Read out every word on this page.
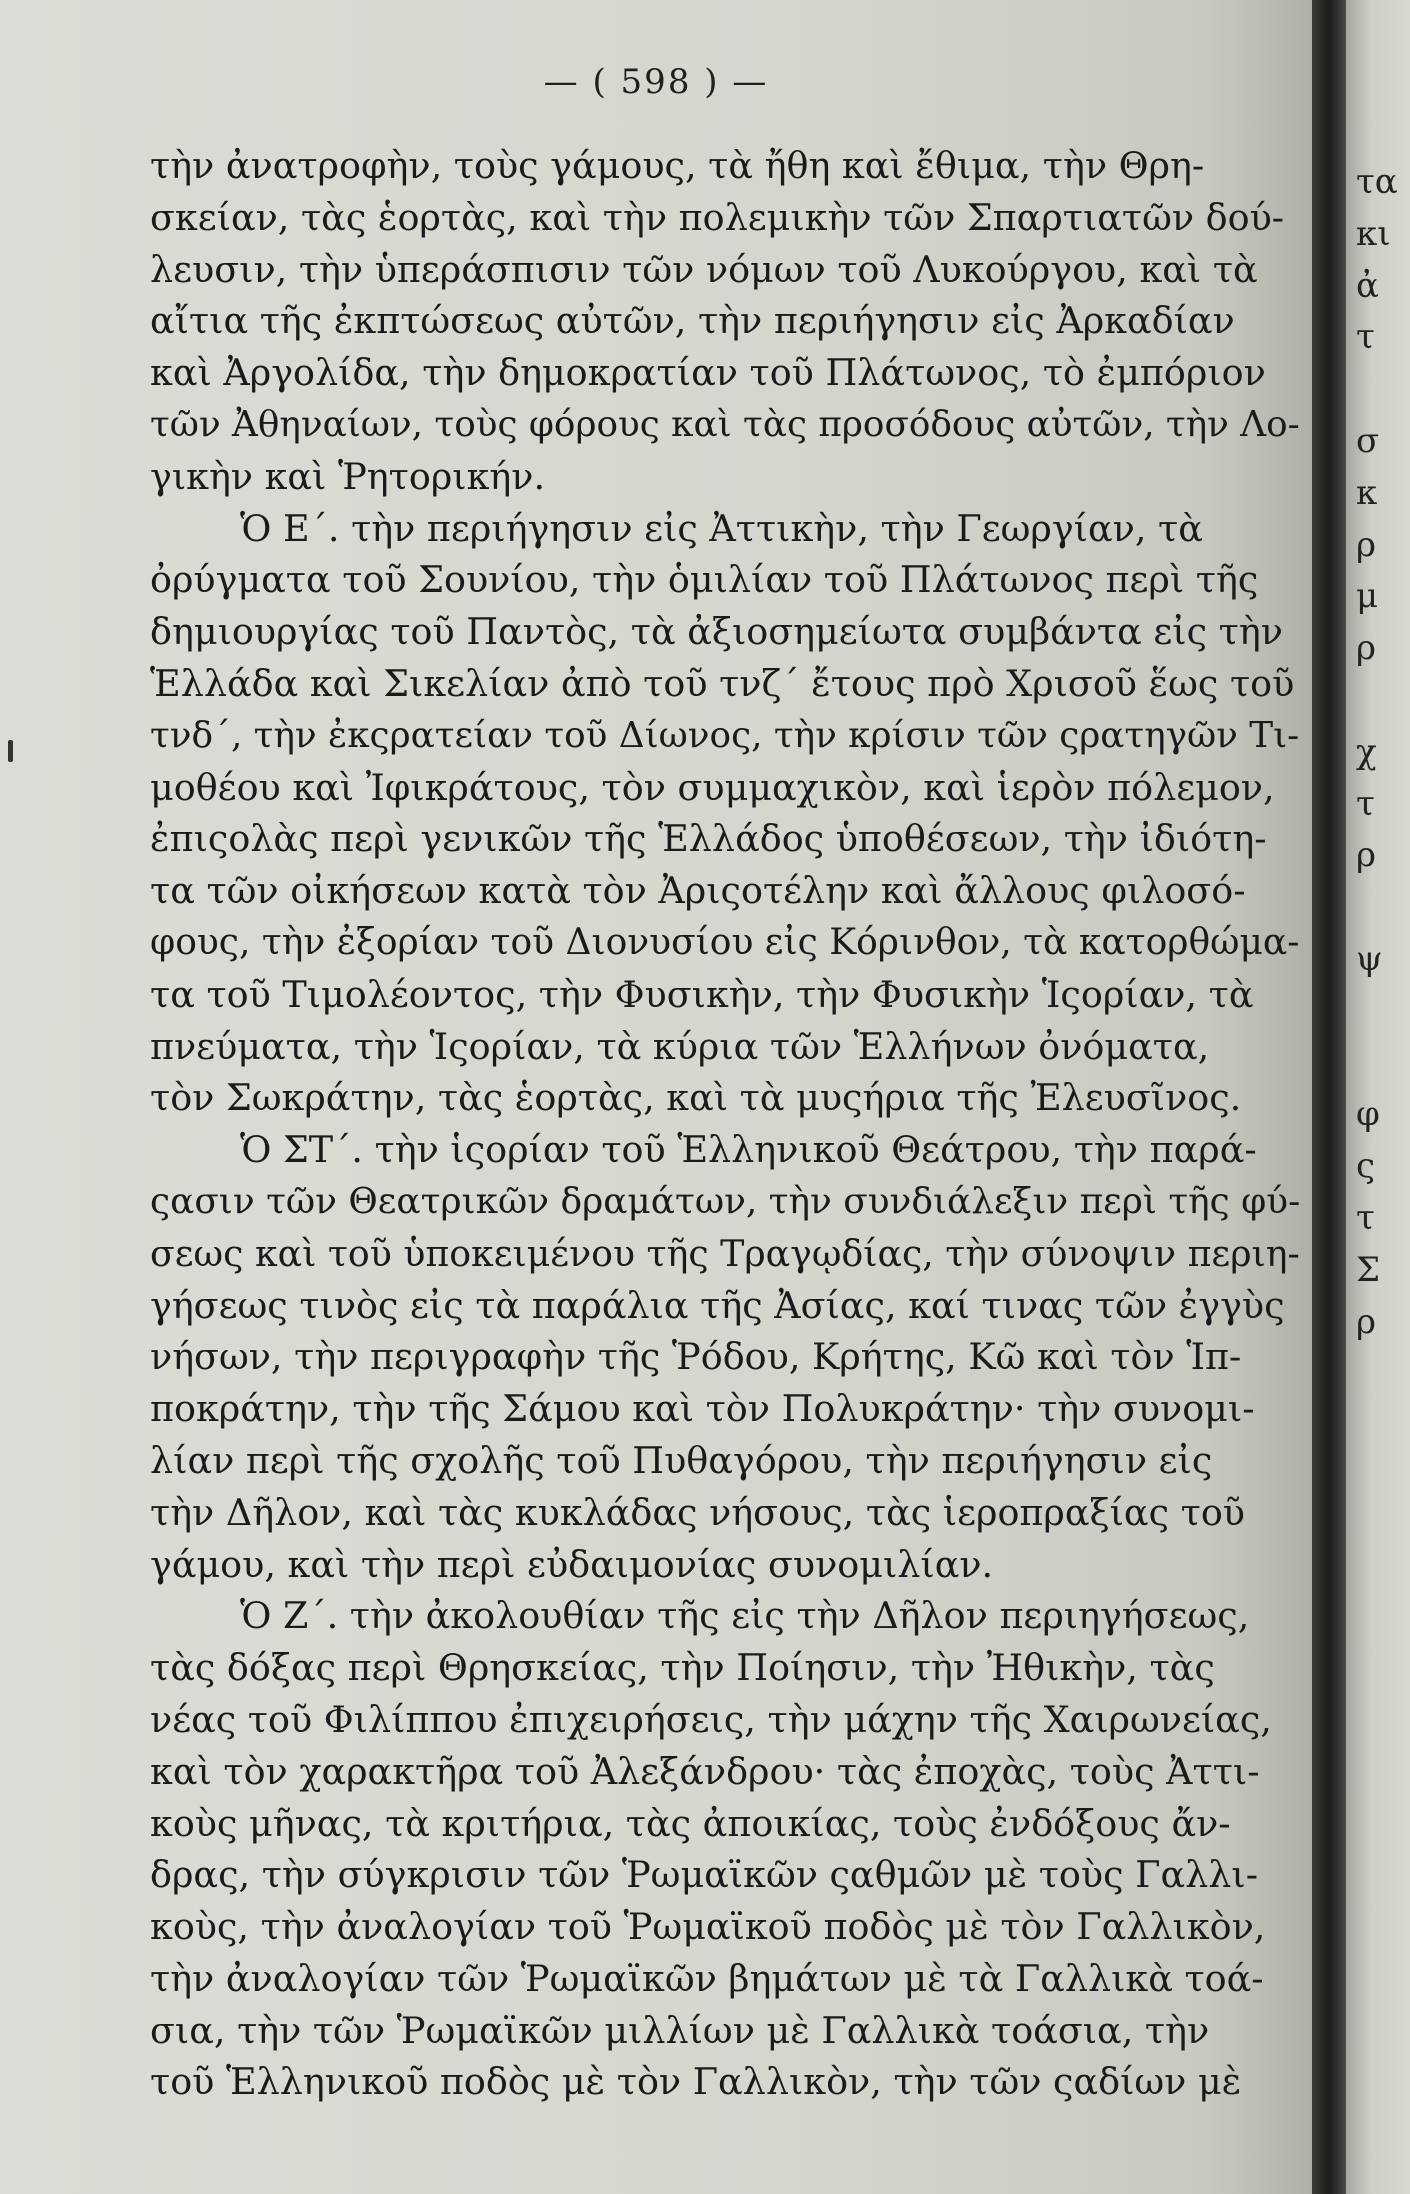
— ( 598 ) —
τὴν ἀνατροφὴν, τοὺς γάμους, τὰ ἤθη καὶ ἔθιμα, τὴν Θρη-
σκείαν, τὰς ἑορτὰς, καὶ τὴν πολεμικὴν τῶν Σπαρτιατῶν δού-
λευσιν, τὴν ὑπεράσπισιν τῶν νόμων τοῦ Λυκούργου, καὶ τὰ
αἴτια τῆς ἐκπτώσεως αὐτῶν, τὴν περιήγησιν εἰς Ἀρκαδίαν
καὶ Ἀργολίδα, τὴν δημοκρατίαν τοῦ Πλάτωνος, τὸ ἐμπόριον
τῶν Ἀθηναίων, τοὺς φόρους καὶ τὰς προσόδους αὐτῶν, τὴν Λο-
γικὴν καὶ Ῥητορικήν.
Ὁ Ε΄. τὴν περιήγησιν εἰς Ἀττικὴν, τὴν Γεωργίαν, τὰ
ὀρύγματα τοῦ Σουνίου, τὴν ὁμιλίαν τοῦ Πλάτωνος περὶ τῆς
δημιουργίας τοῦ Παντὸς, τὰ ἀξιοσημείωτα συμβάντα εἰς τὴν
Ἑλλάδα καὶ Σικελίαν ἀπὸ τοῦ τνζ΄ ἔτους πρὸ Χρισοῦ ἕως τοῦ
τνδ΄, τὴν ἐκςρατείαν τοῦ Δίωνος, τὴν κρίσιν τῶν ςρατηγῶν Τι-
μοθέου καὶ Ἰφικράτους, τὸν συμμαχικὸν, καὶ ἱερὸν πόλεμον,
ἐπιςολὰς περὶ γενικῶν τῆς Ἑλλάδος ὑποθέσεων, τὴν ἰδιότη-
τα τῶν οἰκήσεων κατὰ τὸν Ἀριςοτέλην καὶ ἄλλους φιλοσό-
φους, τὴν ἐξορίαν τοῦ Διονυσίου εἰς Κόρινθον, τὰ κατορθώμα-
τα τοῦ Τιμολέοντος, τὴν Φυσικὴν, τὴν Φυσικὴν Ἱςορίαν, τὰ
πνεύματα, τὴν Ἱςορίαν, τὰ κύρια τῶν Ἑλλήνων ὀνόματα,
τὸν Σωκράτην, τὰς ἑορτὰς, καὶ τὰ μυςήρια τῆς Ἐλευσῖνος.
Ὁ ΣΤ΄. τὴν ἱςορίαν τοῦ Ἑλληνικοῦ Θεάτρου, τὴν παρά-
ςασιν τῶν Θεατρικῶν δραμάτων, τὴν συνδιάλεξιν περὶ τῆς φύ-
σεως καὶ τοῦ ὑποκειμένου τῆς Τραγῳδίας, τὴν σύνοψιν περιη-
γήσεως τινὸς εἰς τὰ παράλια τῆς Ἀσίας, καί τινας τῶν ἐγγὺς
νήσων, τὴν περιγραφὴν τῆς Ῥόδου, Κρήτης, Κῶ καὶ τὸν Ἱπ-
ποκράτην, τὴν τῆς Σάμου καὶ τὸν Πολυκράτην· τὴν συνομι-
λίαν περὶ τῆς σχολῆς τοῦ Πυθαγόρου, τὴν περιήγησιν εἰς
τὴν Δῆλον, καὶ τὰς κυκλάδας νήσους, τὰς ἱεροπραξίας τοῦ
γάμου, καὶ τὴν περὶ εὐδαιμονίας συνομιλίαν.
Ὁ Ζ΄. τὴν ἀκολουθίαν τῆς εἰς τὴν Δῆλον περιηγήσεως,
τὰς δόξας περὶ Θρησκείας, τὴν Ποίησιν, τὴν Ἠθικὴν, τὰς
νέας τοῦ Φιλίππου ἐπιχειρήσεις, τὴν μάχην τῆς Χαιρωνείας,
καὶ τὸν χαρακτῆρα τοῦ Ἀλεξάνδρου· τὰς ἐποχὰς, τοὺς Ἀττι-
κοὺς μῆνας, τὰ κριτήρια, τὰς ἀποικίας, τοὺς ἐνδόξους ἄν-
δρας, τὴν σύγκρισιν τῶν Ῥωμαϊκῶν ςαθμῶν μὲ τοὺς Γαλλι-
κοὺς, τὴν ἀναλογίαν τοῦ Ῥωμαϊκοῦ ποδὸς μὲ τὸν Γαλλικὸν,
τὴν ἀναλογίαν τῶν Ῥωμαϊκῶν βημάτων μὲ τὰ Γαλλικὰ τοά-
σια, τὴν τῶν Ῥωμαϊκῶν μιλλίων μὲ Γαλλικὰ τοάσια, τὴν
τοῦ Ἑλληνικοῦ ποδὸς μὲ τὸν Γαλλικὸν, τὴν τῶν ςαδίων μὲ
τα
κι
ἀ
τ
σ
κ
ρ
μ
ρ
χ
τ
ρ
ψ
φ
ς
τ
Σ
ρ
